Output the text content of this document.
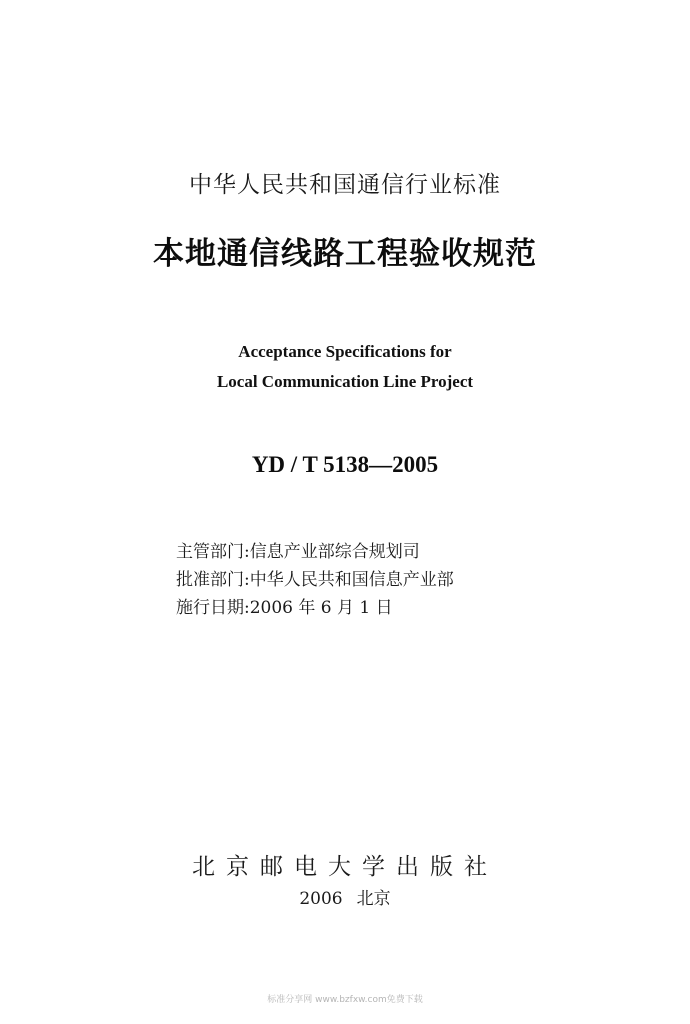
中华人民共和国通信行业标准
本地通信线路工程验收规范
Acceptance Specifications for
Local Communication Line Project
YD / T 5138—2005
主管部门:信息产业部综合规划司
批准部门:中华人民共和国信息产业部
施行日期:2006 年 6 月 1 日
北京邮电大学出版社
2006 北京
标准分享网 www.bzfxw.com免费下载
